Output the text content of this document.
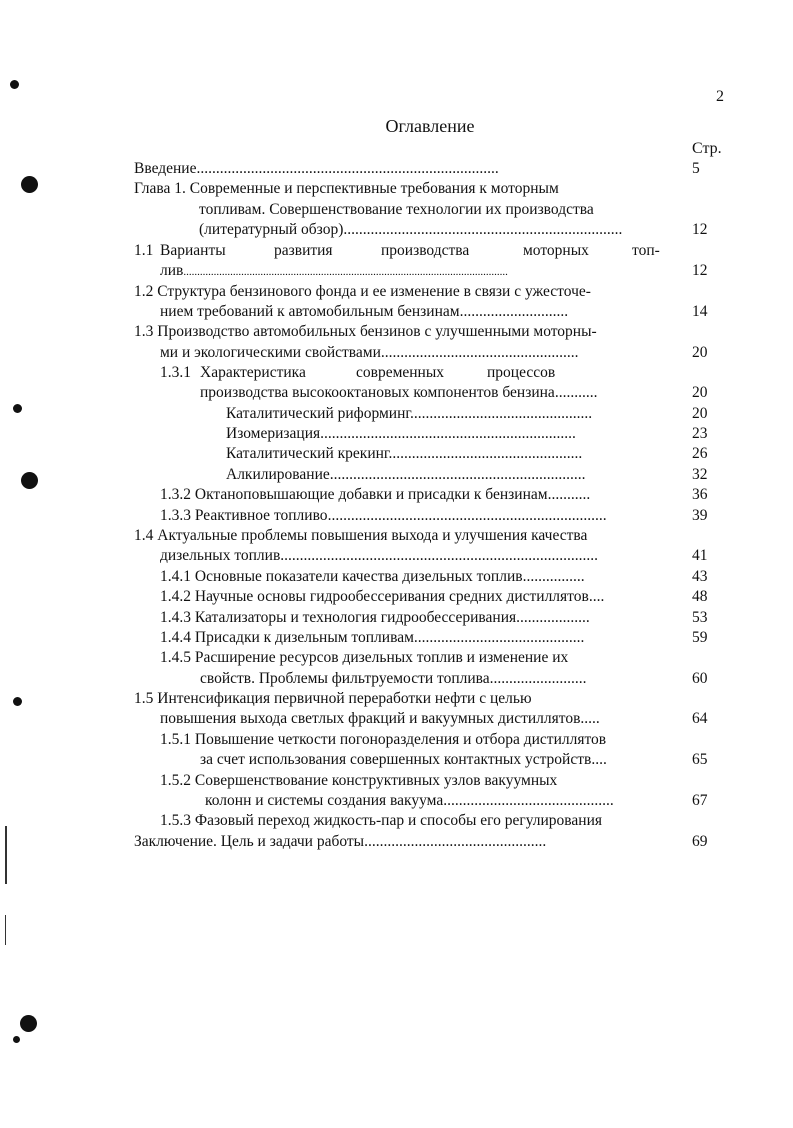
2
Оглавление
Стр.
Введение..............................................................................	5
Глава 1. Современные и перспективные требования к моторным
топливам. Совершенствование технологии их производства
(литературный обзор)........................................................................	12
1.1 Варианты	развития	производства	моторных	топ-
лив......................................................................................................................	12
1.2 Структура бензинового фонда и ее изменение в связи с ужесточе-
нием требований к автомобильным бензинам............................	14
1.3 Производство автомобильных бензинов с улучшенными моторны-
ми и экологическими свойствами...................................................	20
1.3.1 Характеристика	современных	процессов
производства высокооктановых компонентов бензина...........	20
Каталитический риформинг...............................................	20
Изомеризация..................................................................	23
Каталитический крекинг..................................................	26
Алкилирование..................................................................	32
1.3.2 Октаноповышающие добавки и присадки к бензинам...........	36
1.3.3 Реактивное топливо........................................................................	39
1.4 Актуальные проблемы повышения выхода и улучшения качества
дизельных топлив..................................................................................	41
1.4.1 Основные показатели качества дизельных топлив................	43
1.4.2 Научные основы гидрообессеривания средних дистиллятов....	48
1.4.3 Катализаторы и технология гидрообессеривания...................	53
1.4.4 Присадки к дизельным топливам............................................	59
1.4.5 Расширение ресурсов дизельных топлив и изменение их
свойств. Проблемы фильтруемости топлива.........................	60
1.5 Интенсификация первичной переработки нефти с целью
повышения выхода светлых фракций и вакуумных дистиллятов.....	64
1.5.1 Повышение четкости погоноразделения и отбора дистиллятов
за счет использования совершенных контактных устройств....	65
1.5.2 Совершенствование конструктивных узлов вакуумных
колонн и системы создания вакуума............................................	67
1.5.3 Фазовый переход жидкость-пар и способы его регулирования
Заключение. Цель и задачи работы...............................................	69
